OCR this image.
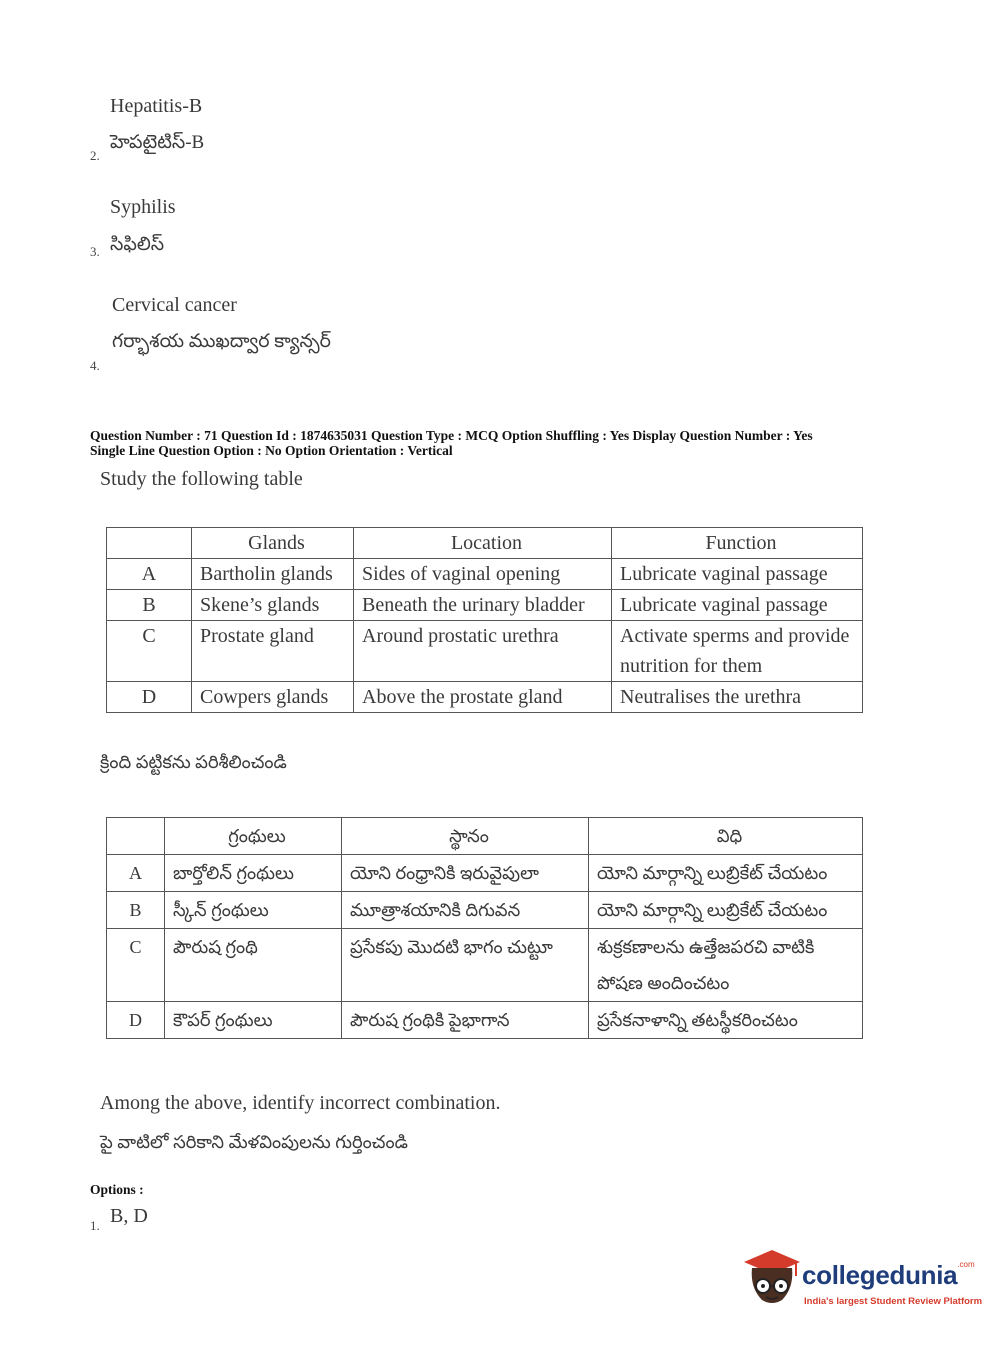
Hepatitis-B
హెపటైటిస్-B
2.
Syphilis
సిఫిలిస్
3.
Cervical cancer
గర్భాశయ ముఖద్వార క్యాన్సర్
4.
Question Number : 71 Question Id : 1874635031 Question Type : MCQ Option Shuffling : Yes Display Question Number : Yes
Single Line Question Option : No Option Orientation : Vertical
Study the following table
	Glands	Location	Function
A	Bartholin glands	Sides of vaginal opening	Lubricate vaginal passage
B	Skene’s glands	Beneath the urinary bladder	Lubricate vaginal passage
C	Prostate gland	Around prostatic urethra	Activate sperms and provide nutrition for them
D	Cowpers glands	Above the prostate gland	Neutralises the urethra
క్రింది పట్టికను పరిశీలించండి
	గ్రంథులు	స్థానం	విధి
A	బార్తోలిన్ గ్రంథులు	యోని రంధ్రానికి ఇరువైపులా	యోని మార్గాన్ని లుబ్రికేట్ చేయటం
B	స్కీన్ గ్రంథులు	మూత్రాశయానికి దిగువన	యోని మార్గాన్ని లుబ్రికేట్ చేయటం
C	పౌరుష గ్రంథి	ప్రసేకపు మొదటి భాగం చుట్టూ	శుక్రకణాలను ఉత్తేజపరచి వాటికి పోషణ అందించటం
D	కౌపర్ గ్రంథులు	పౌరుష గ్రంథికి పైభాగాన	ప్రసేకనాళాన్ని తటస్థీకరించటం
Among the above, identify incorrect combination.
పై వాటిలో సరికాని మేళవింపులను గుర్తించండి
Options :
B, D
1.
collegedunia$^{.com}$
India's largest Student Review Platform
